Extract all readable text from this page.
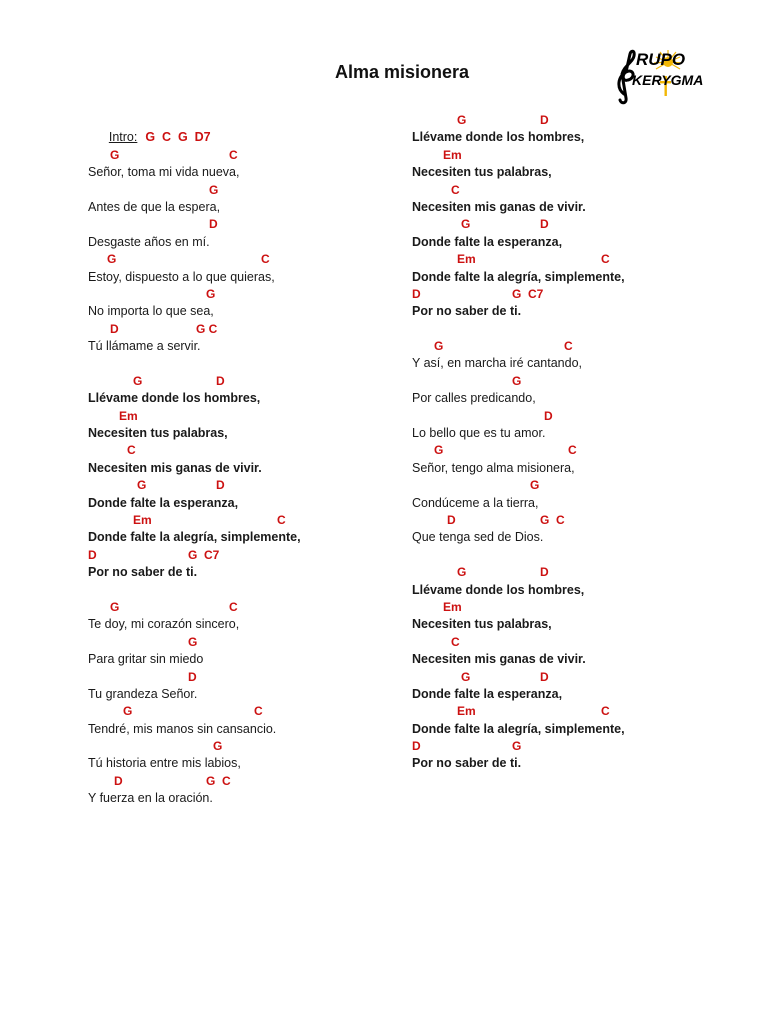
Alma misionera
RUPO
KERYGMA

Intro: G  C  G  D7

G	C
Señor, toma mi vida nueva,
G
Antes de que la espera,
D
Desgaste años en mí.
G	C
Estoy, dispuesto a lo que quieras,
G
No importa lo que sea,
D	G C
Tú llámame a servir.
G	D
Llévame donde los hombres,
Em
Necesiten tus palabras,
C
Necesiten mis ganas de vivir.
G	D
Donde falte la esperanza,
Em	C
Donde falte la alegría, simplemente,
D	G  C7
Por no saber de ti.
G	C
Te doy, mi corazón sincero,
G
Para gritar sin miedo
D
Tu grandeza Señor.
G	C
Tendré, mis manos sin cansancio.
G
Tú historia entre mis labios,
D	G  C
Y fuerza en la oración.
G	D
Llévame donde los hombres,
Em
Necesiten tus palabras,
C
Necesiten mis ganas de vivir.
G	D
Donde falte la esperanza,
Em	C
Donde falte la alegría, simplemente,
D	G  C7
Por no saber de ti.
G	C
Y así, en marcha iré cantando,
G
Por calles predicando,
D
Lo bello que es tu amor.
G	C
Señor, tengo alma misionera,
G
Condúceme a la tierra,
D	G  C
Que tenga sed de Dios.
G	D
Llévame donde los hombres,
Em
Necesiten tus palabras,
C
Necesiten mis ganas de vivir.
G	D
Donde falte la esperanza,
Em	C
Donde falte la alegría, simplemente,
D	G
Por no saber de ti.
